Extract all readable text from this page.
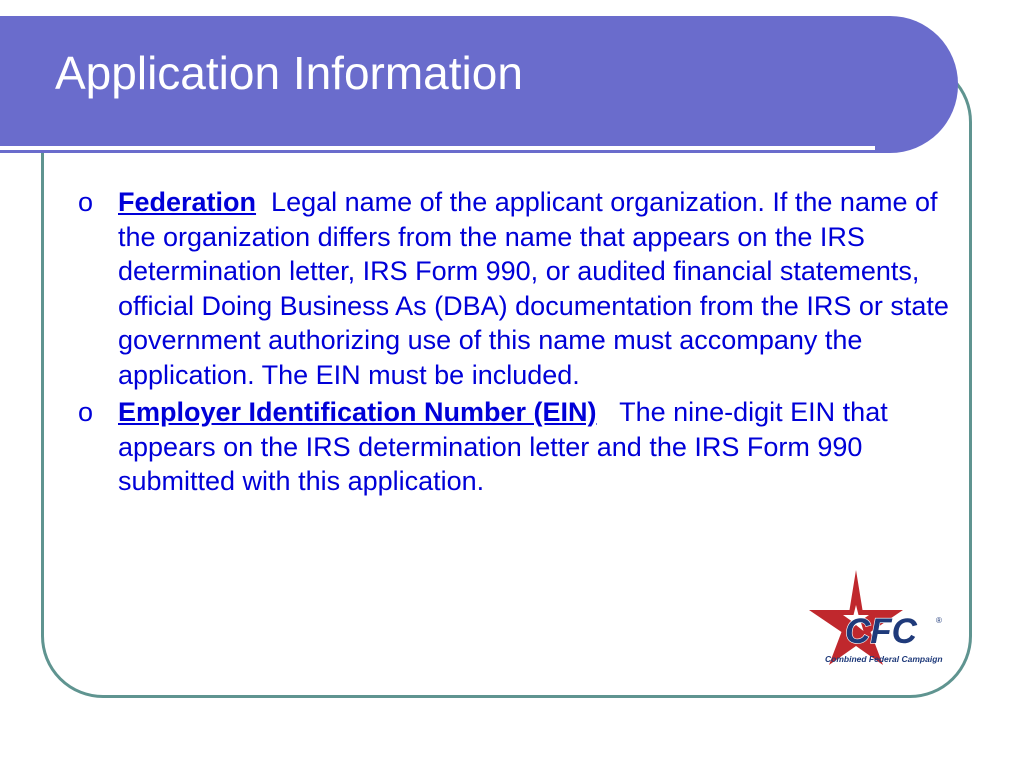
Application Information
o Federation Legal name of the applicant organization. If the name of the organization differs from the name that appears on the IRS determination letter, IRS Form 990, or audited financial statements, official Doing Business As (DBA) documentation from the IRS or state government authorizing use of this name must accompany the application. The EIN must be included.
o Employer Identification Number (EIN) The nine-digit EIN that appears on the IRS determination letter and the IRS Form 990 submitted with this application.
CFC ®
Combined Federal Campaign
